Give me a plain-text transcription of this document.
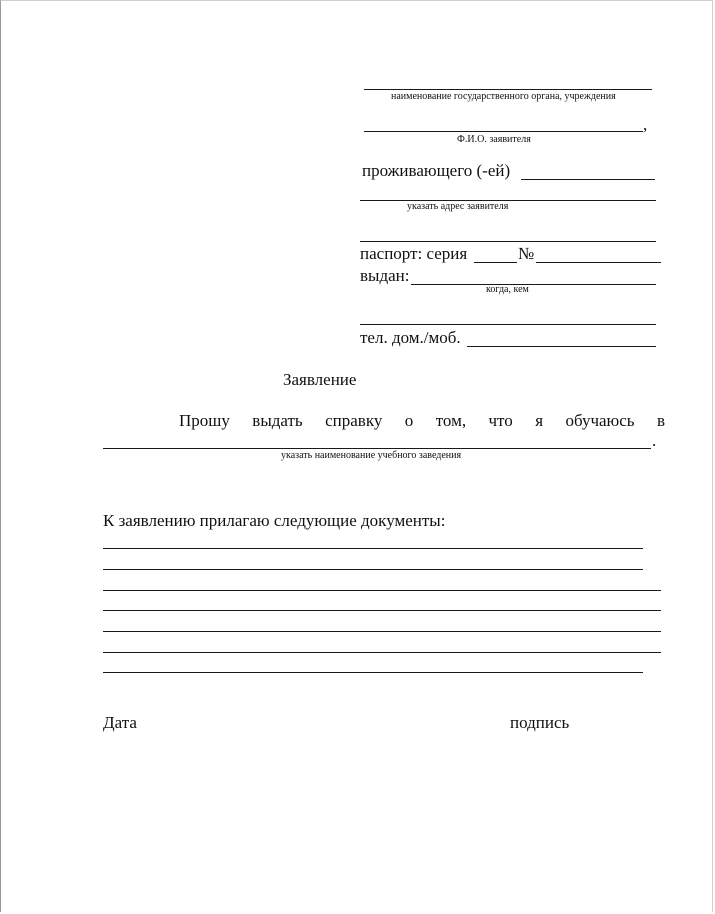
наименование государственного органа, учреждения
,
Ф.И.О. заявителя
проживающего (-ей)
указать адрес заявителя
паспорт: серия	№
выдан:
когда, кем
тел. дом./моб.
Заявление
Прошу выдать справку о том, что я обучаюсь в
.
указать наименование учебного заведения
К заявлению прилагаю следующие документы:
Дата	подпись
